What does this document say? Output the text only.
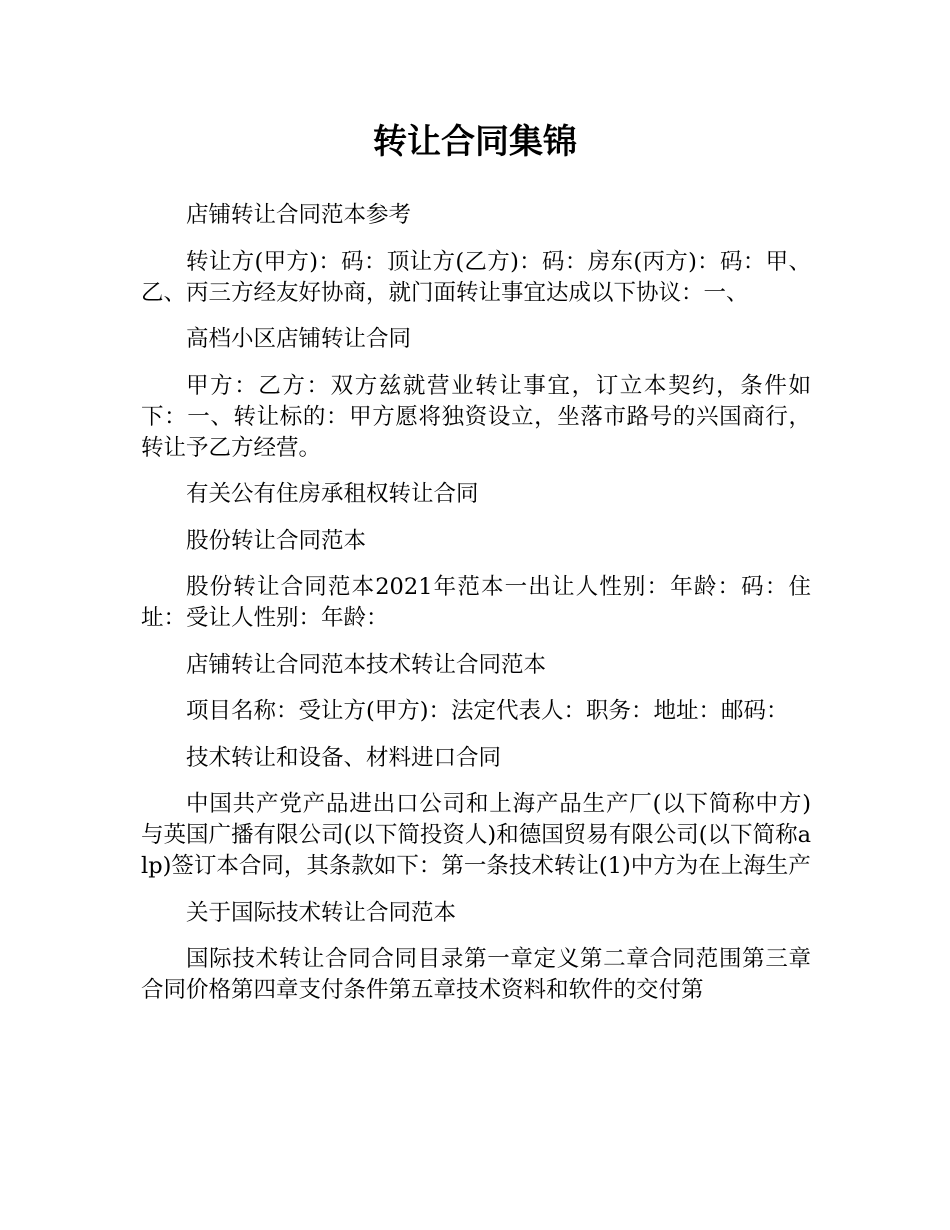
转让合同集锦

店铺转让合同范本参考

转让方(甲方)：码：顶让方(乙方)：码：房东(丙方)：码：甲、乙、丙三方经友好协商，就门面转让事宜达成以下协议：一、

高档小区店铺转让合同

甲方：乙方：双方兹就营业转让事宜，订立本契约，条件如下：一、转让标的：甲方愿将独资设立，坐落市路号的兴国商行，转让予乙方经营。

有关公有住房承租权转让合同

股份转让合同范本

股份转让合同范本2021年范本一出让人性别：年龄：码：住址：受让人性别：年龄：

店铺转让合同范本技术转让合同范本

项目名称：受让方(甲方)：法定代表人：职务：地址：邮码：

技术转让和设备、材料进口合同

中国共产党产品进出口公司和上海产品生产厂(以下简称中方)与英国广播有限公司(以下简投资人)和德国贸易有限公司(以下简称alp)签订本合同，其条款如下：第一条技术转让(1)中方为在上海生产

关于国际技术转让合同范本

国际技术转让合同合同目录第一章定义第二章合同范围第三章合同价格第四章支付条件第五章技术资料和软件的交付第
